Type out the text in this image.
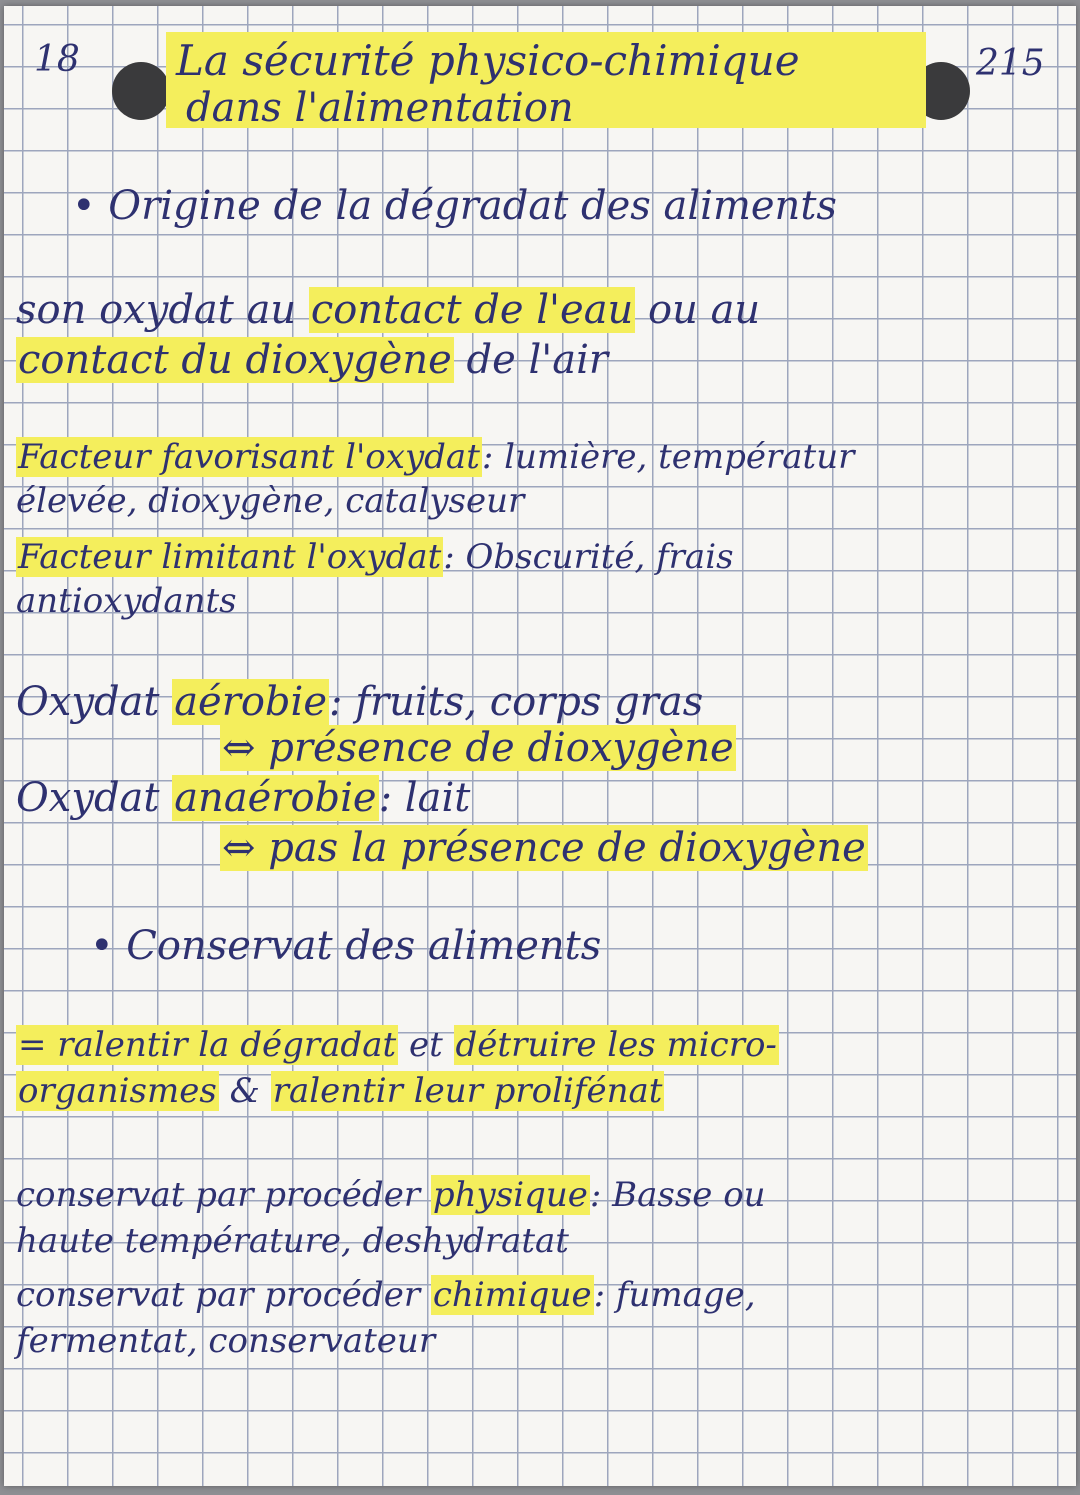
18	215
La sécurité physico-chimique
dans l'alimentation
• Origine de la dégradat des aliments
son oxydat au contact de l'eau ou au
contact du dioxygène de l'air
Facteur favorisant l'oxydat: lumière, températur
élevée, dioxygène, catalyseur
Facteur limitant l'oxydat: Obscurité, frais
antioxydants
Oxydat aérobie: fruits, corps gras
⇔ présence de dioxygène
Oxydat anaérobie: lait
⇔ pas la présence de dioxygène
• Conservat des aliments
= ralentir la dégradat et détruire les micro-
organismes & ralentir leur prolifénat
conservat par procéder physique: Basse ou
haute température, deshydratat
conservat par procéder chimique: fumage,
fermentat, conservateur
